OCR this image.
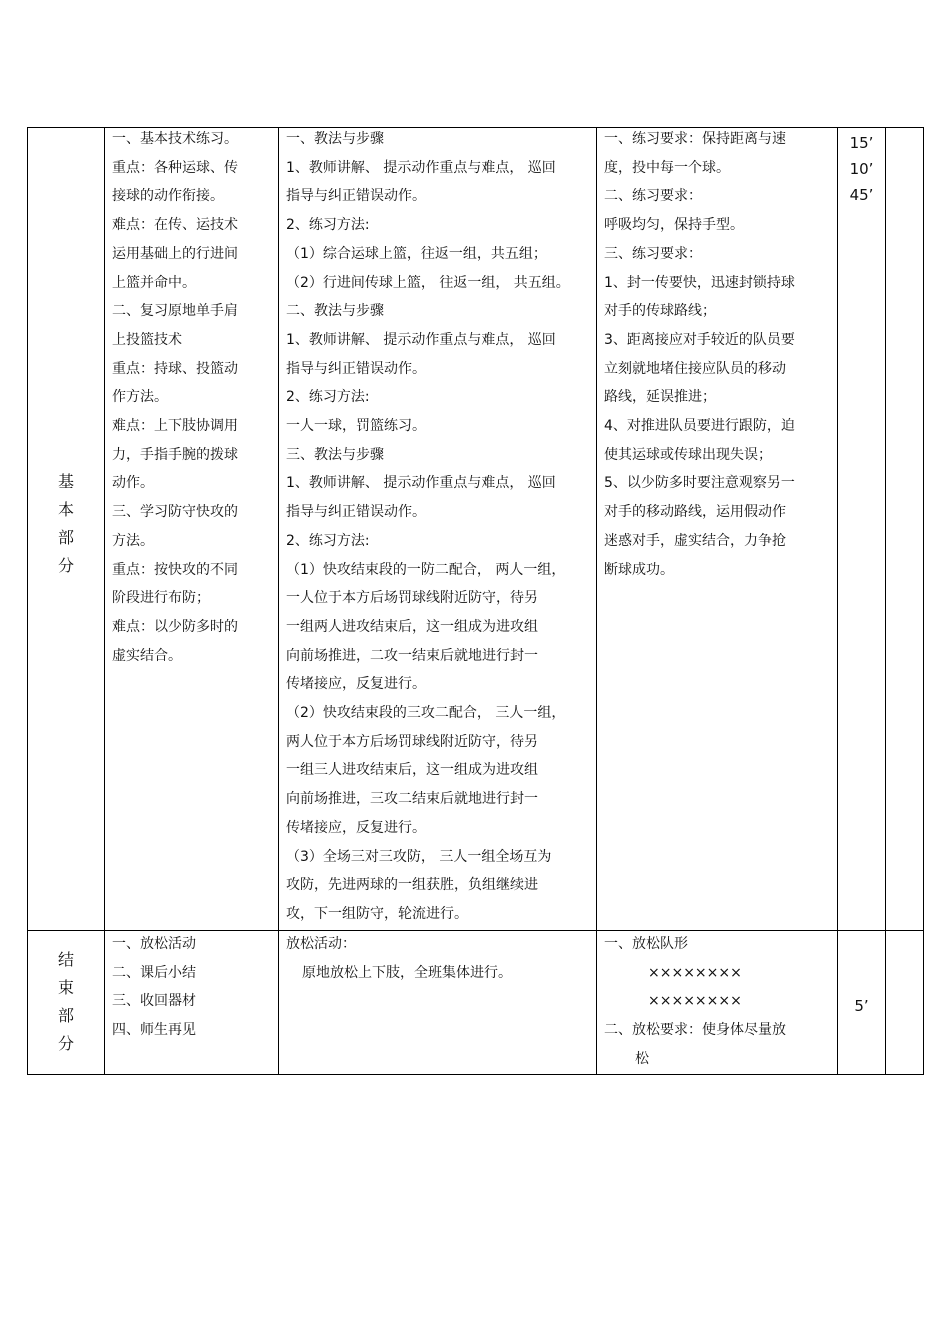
基
本
部
分
一、基本技术练习。
重点：各种运球、传
接球的动作衔接。
难点：在传、运技术
运用基础上的行进间
上篮并命中。
二、复习原地单手肩
上投篮技术
重点：持球、投篮动
作方法。
难点：上下肢协调用
力，手指手腕的拨球
动作。
三、学习防守快攻的
方法。
重点：按快攻的不同
阶段进行布防；
难点：以少防多时的
虚实结合。
一、教法与步骤
1、教师讲解、 提示动作重点与难点， 巡回
指导与纠正错误动作。
2、练习方法:
（1）综合运球上篮，往返一组，共五组；
（2）行进间传球上篮， 往返一组， 共五组。
二、教法与步骤
1、教师讲解、 提示动作重点与难点， 巡回
指导与纠正错误动作。
2、练习方法:
一人一球，罚篮练习。
三、教法与步骤
1、教师讲解、 提示动作重点与难点， 巡回
指导与纠正错误动作。
2、练习方法:
（1）快攻结束段的一防二配合， 两人一组，
一人位于本方后场罚球线附近防守，待另
一组两人进攻结束后，这一组成为进攻组
向前场推进，二攻一结束后就地进行封一
传堵接应，反复进行。
（2）快攻结束段的三攻二配合， 三人一组，
两人位于本方后场罚球线附近防守，待另
一组三人进攻结束后，这一组成为进攻组
向前场推进，三攻二结束后就地进行封一
传堵接应，反复进行。
（3）全场三对三攻防， 三人一组全场互为
攻防，先进两球的一组获胜，负组继续进
攻，下一组防守，轮流进行。
一、练习要求：保持距离与速
度，投中每一个球。
二、练习要求：
呼吸均匀，保持手型。
三、练习要求：
1、封一传要快，迅速封锁持球
对手的传球路线；
3、距离接应对手较近的队员要
立刻就地堵住接应队员的移动
路线，延误推进；
4、对推进队员要进行跟防，迫
使其运球或传球出现失误；
5、以少防多时要注意观察另一
对手的移动路线，运用假动作
迷惑对手，虚实结合，力争抢
断球成功。
15’
10’
45’
结
束
部
分
一、放松活动
二、课后小结
三、收回器材
四、师生再见
放松活动：
原地放松上下肢，全班集体进行。
一、放松队形
××××××××
××××××××
二、放松要求：使身体尽量放
松
5’
